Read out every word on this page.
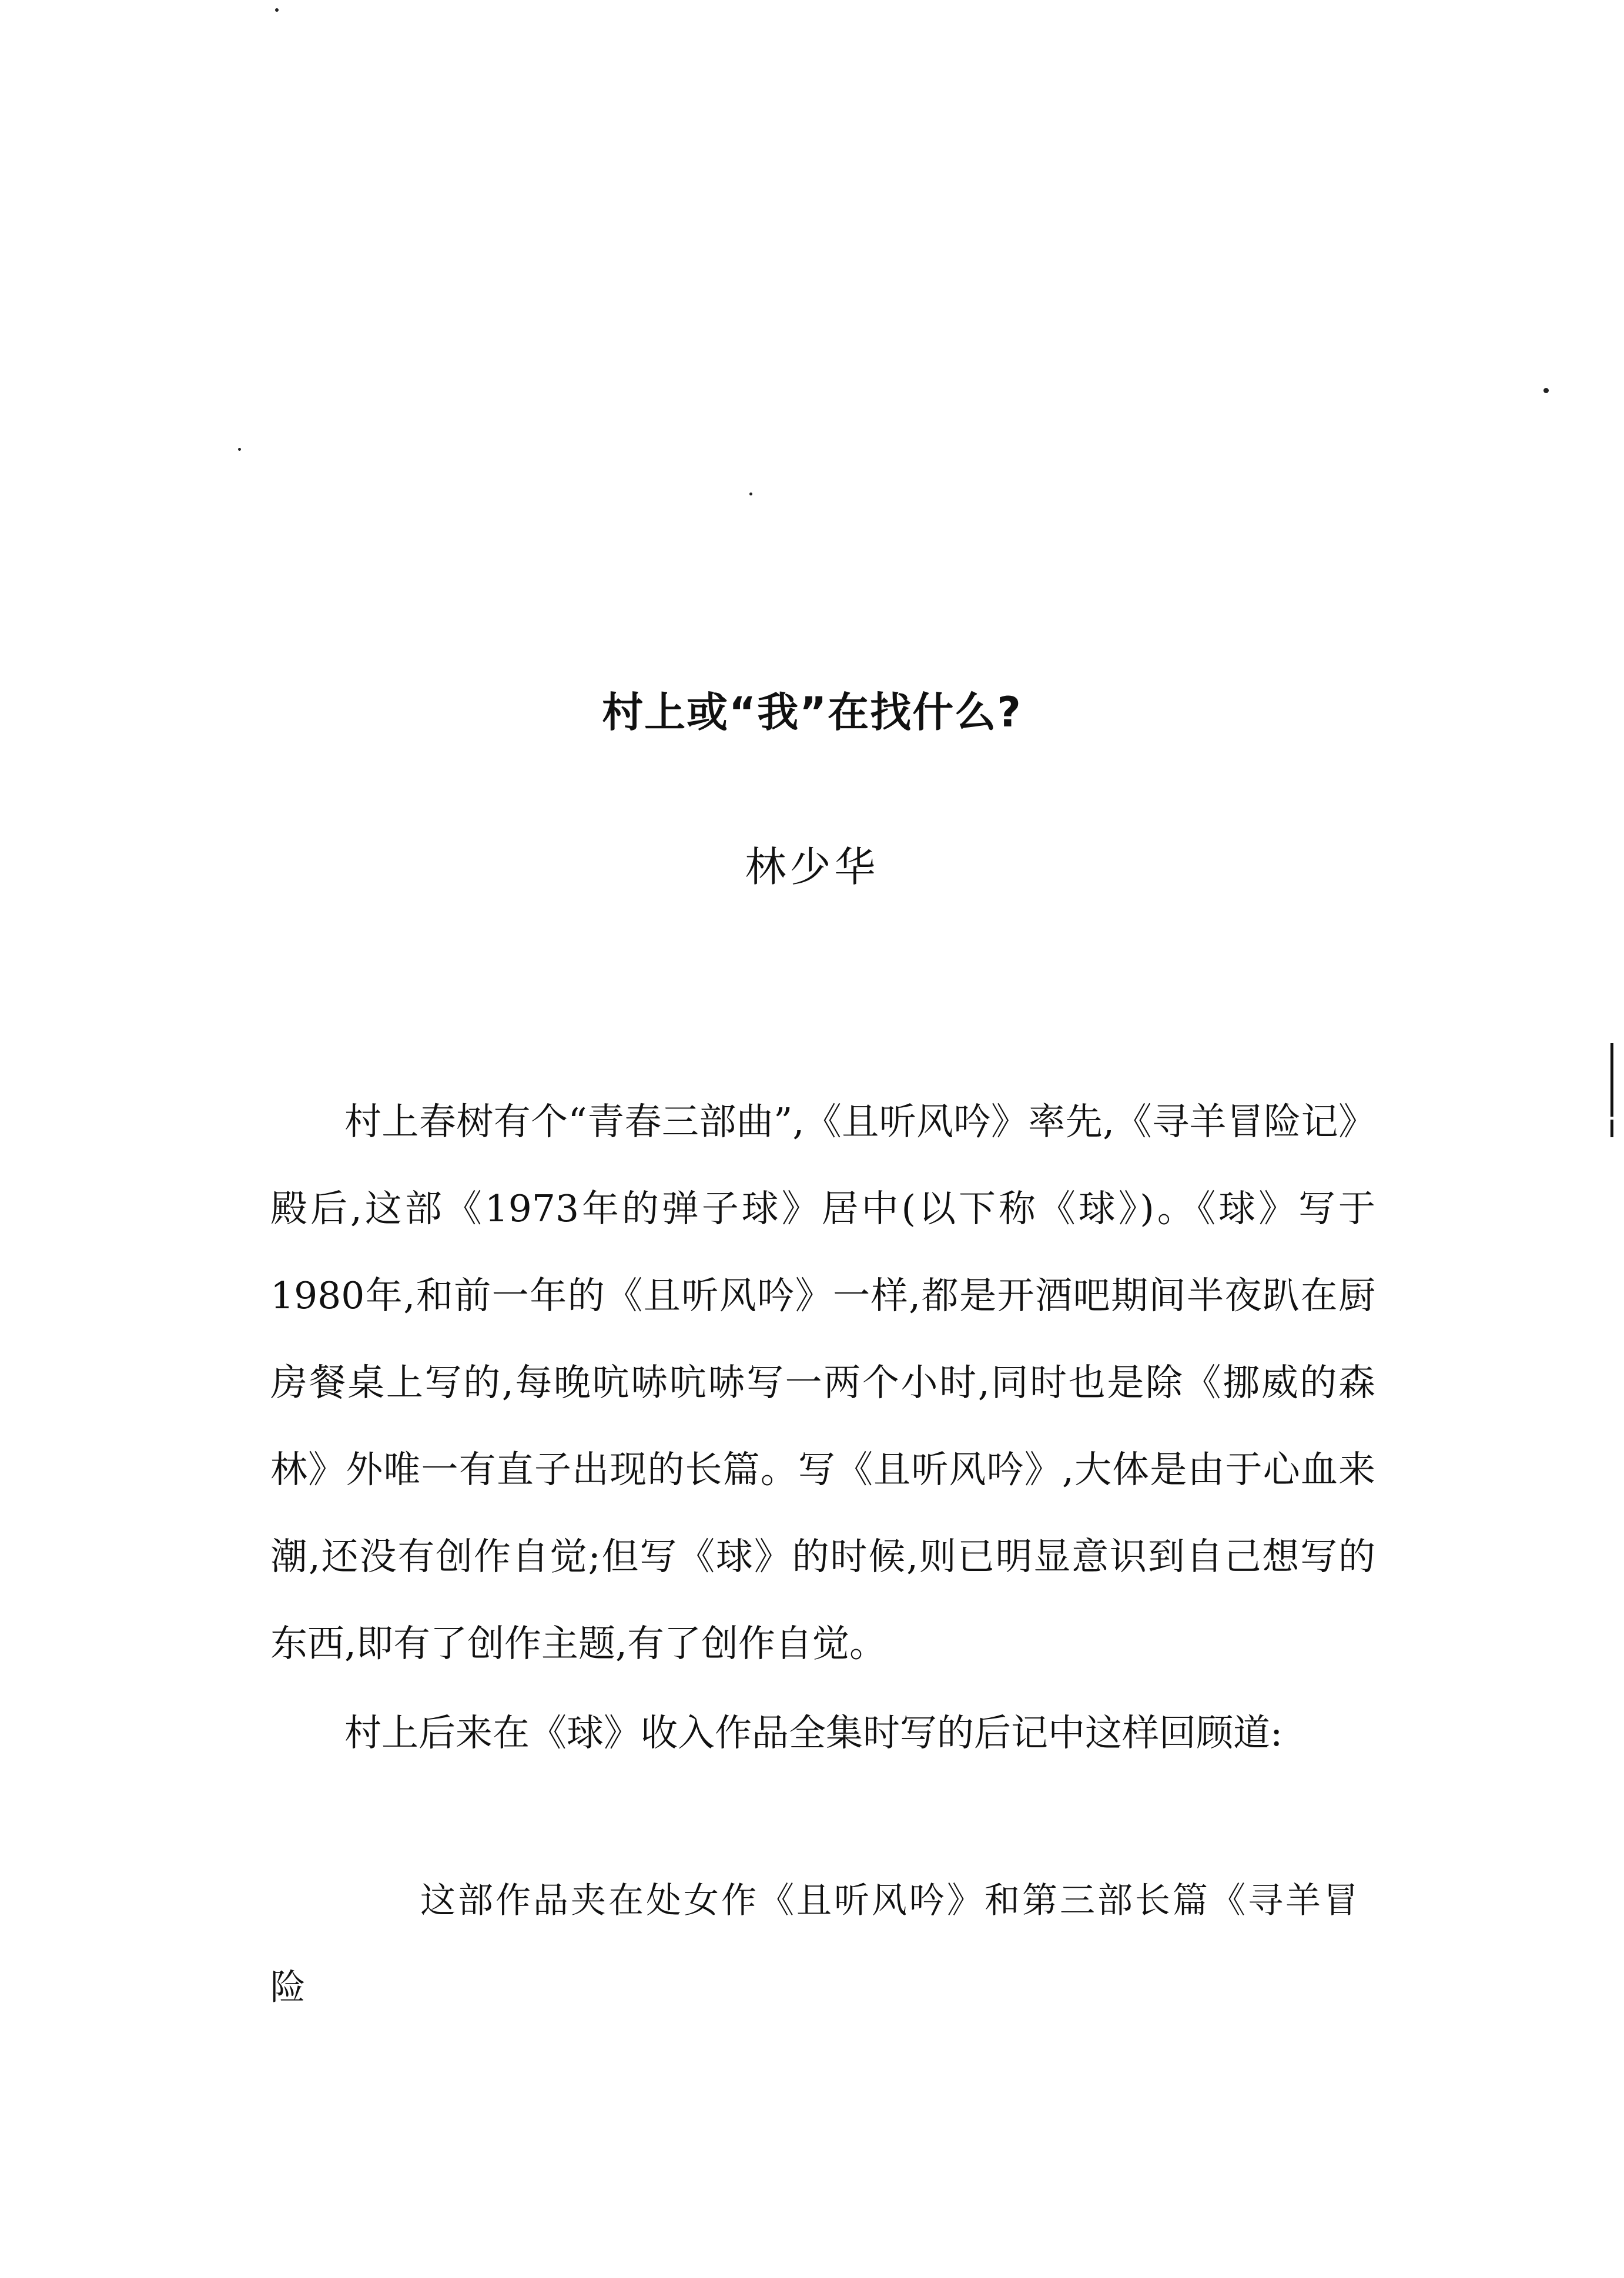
村上或“我”在找什么?
林少华

村上春树有个“青春三部曲”,《且听风吟》率先,《寻羊冒险记》殿后,这部《1973年的弹子球》居中(以下称《球》)。《球》写于1980年,和前一年的《且听风吟》一样,都是开酒吧期间半夜趴在厨房餐桌上写的,每晚吭哧吭哧写一两个小时,同时也是除《挪威的森林》外唯一有直子出现的长篇。写《且听风吟》,大体是由于心血来潮,还没有创作自觉;但写《球》的时候,则已明显意识到自己想写的东西,即有了创作主题,有了创作自觉。

村上后来在《球》收入作品全集时写的后记中这样回顾道:

这部作品夹在处女作《且听风吟》和第三部长篇《寻羊冒险
